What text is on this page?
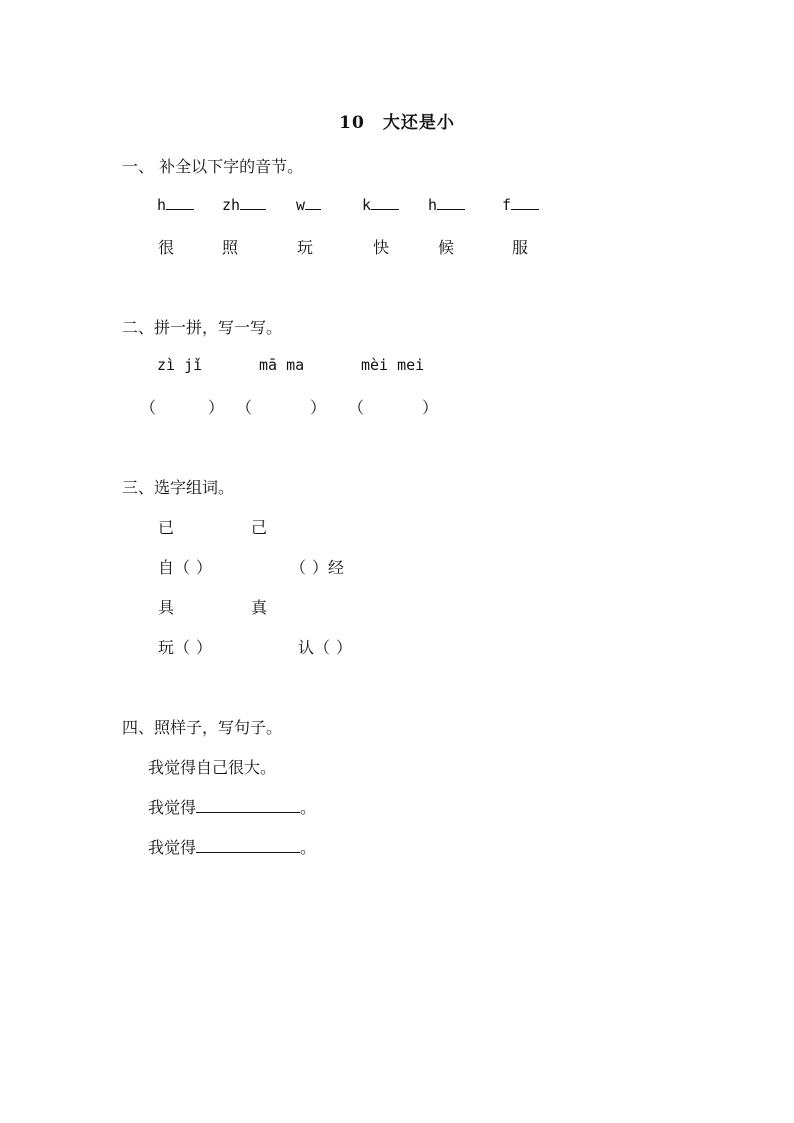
10　大还是小
一、 补全以下字的音节。
h	zh	w	k	h	f
很	照	玩	快	候	服
二、拼一拼，写一写。
zì jǐ	mā ma	mèi mei
（	） （	） （	）
三、选字组词。
已	己
自（ ）	（ ）经
具	真
玩（ ）	认（ ）
四、照样子，写句子。
我觉得自己很大。
我觉得	。
我觉得	。
